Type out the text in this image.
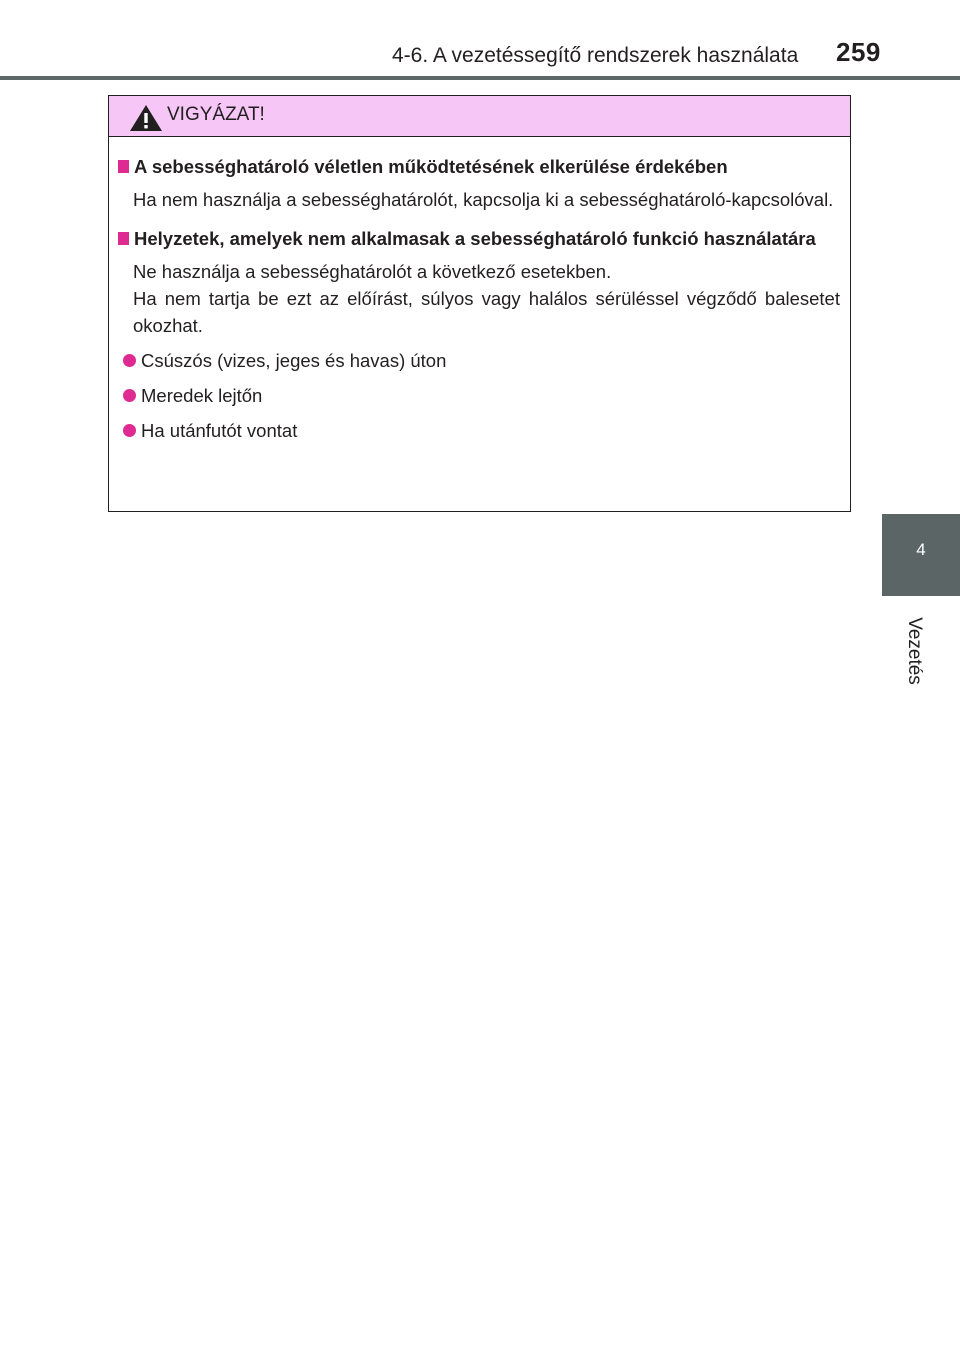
4-6. A vezetéssegítő rendszerek használata 259
4
Vezetés
VIGYÁZAT!
A sebességhatároló véletlen működtetésének elkerülése érdekében
Ha nem használja a sebességhatárolót, kapcsolja ki a sebességhatároló-kapcsolóval.
Helyzetek, amelyek nem alkalmasak a sebességhatároló funkció használatára
Ne használja a sebességhatárolót a következő esetekben.
Ha nem tartja be ezt az előírást, súlyos vagy halálos sérüléssel végződő balesetet okozhat.
Csúszós (vizes, jeges és havas) úton
Meredek lejtőn
Ha utánfutót vontat
